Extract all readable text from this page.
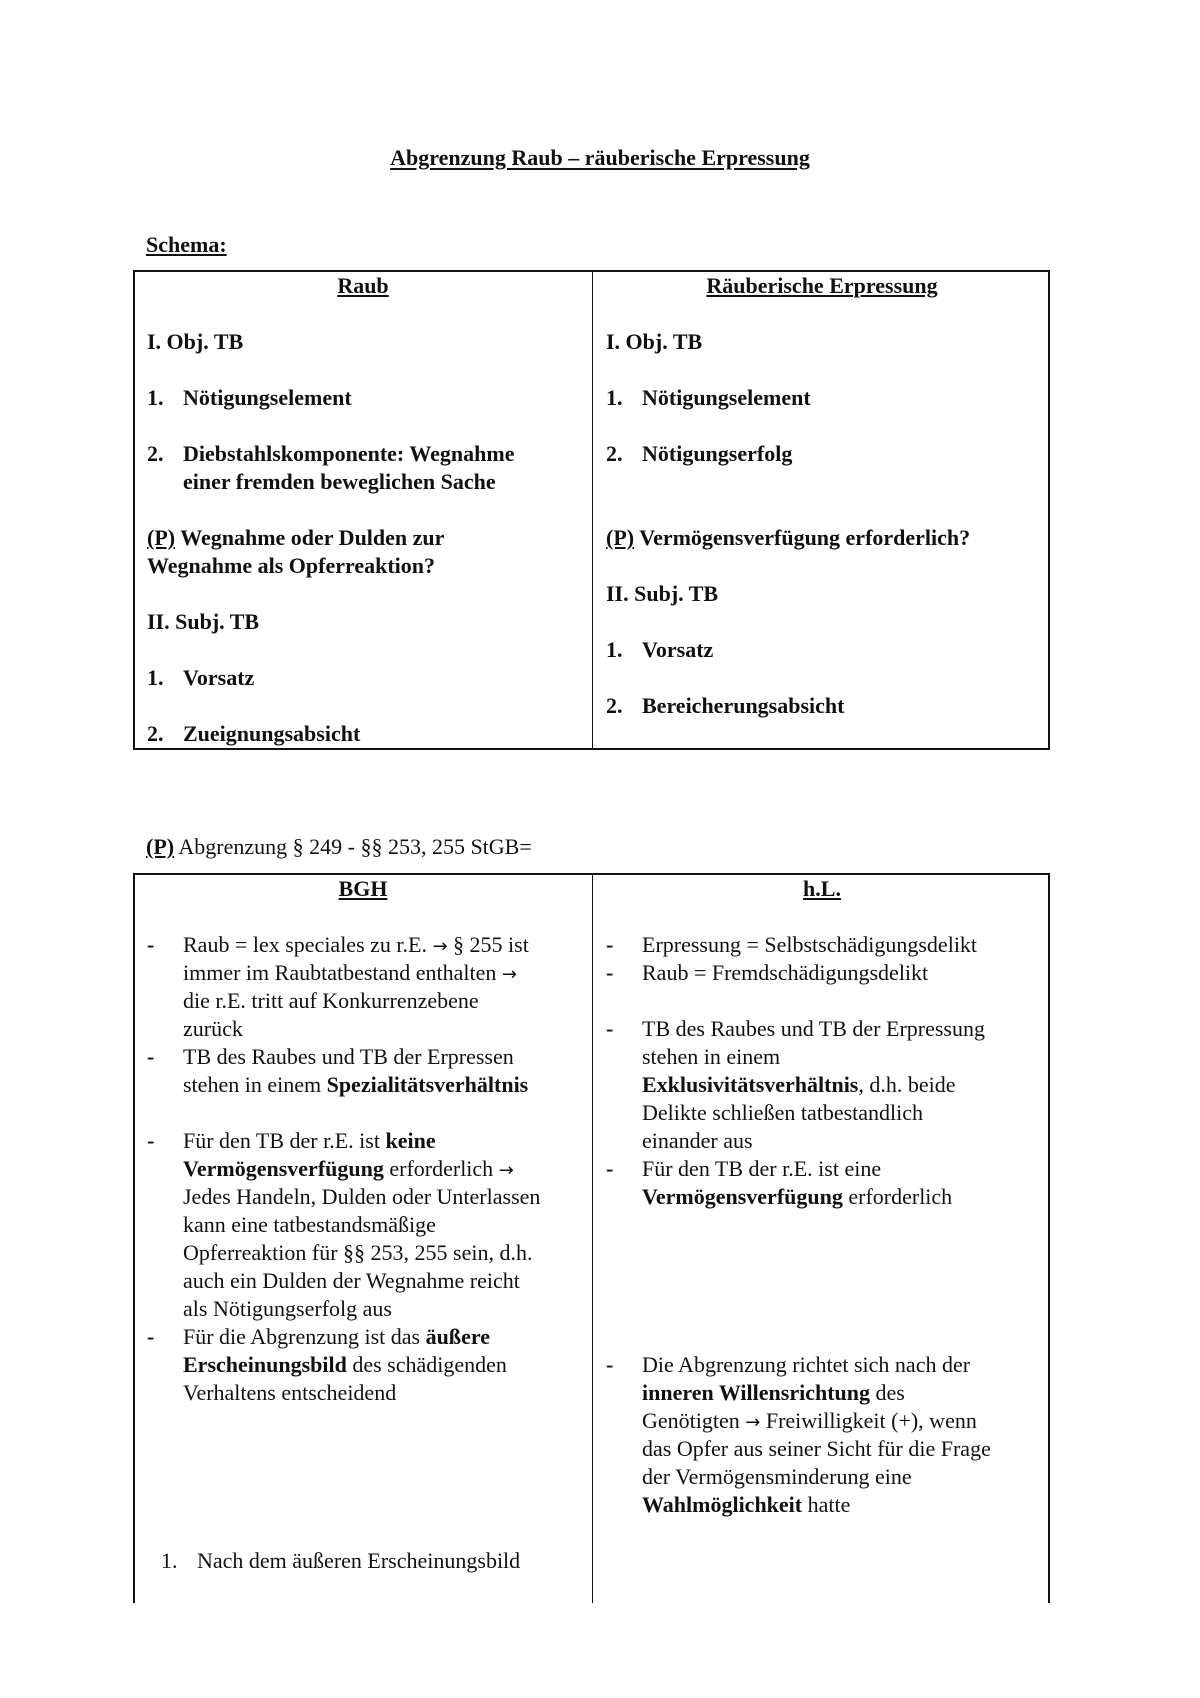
Abgrenzung Raub – räuberische Erpressung
Schema:
Raub
I. Obj. TB
1. Nötigungselement
2. Diebstahlskomponente: Wegnahme
einer fremden beweglichen Sache
(P) Wegnahme oder Dulden zur
Wegnahme als Opferreaktion?
II. Subj. TB
1. Vorsatz
2. Zueignungsabsicht
Räuberische Erpressung
I. Obj. TB
1. Nötigungselement
2. Nötigungserfolg
(P) Vermögensverfügung erforderlich?
II. Subj. TB
1. Vorsatz
2. Bereicherungsabsicht
(P) Abgrenzung § 249 - §§ 253, 255 StGB=
BGH
- Raub = lex speciales zu r.E. → § 255 ist
immer im Raubtatbestand enthalten →
die r.E. tritt auf Konkurrenzebene
zurück
- TB des Raubes und TB der Erpressen
stehen in einem Spezialitätsverhältnis
- Für den TB der r.E. ist keine
Vermögensverfügung erforderlich →
Jedes Handeln, Dulden oder Unterlassen
kann eine tatbestandsmäßige
Opferreaktion für §§ 253, 255 sein, d.h.
auch ein Dulden der Wegnahme reicht
als Nötigungserfolg aus
- Für die Abgrenzung ist das äußere
Erscheinungsbild des schädigenden
Verhaltens entscheidend
1. Nach dem äußeren Erscheinungsbild
h.L.
- Erpressung = Selbstschädigungsdelikt
- Raub = Fremdschädigungsdelikt
- TB des Raubes und TB der Erpressung
stehen in einem
Exklusivitätsverhältnis, d.h. beide
Delikte schließen tatbestandlich
einander aus
- Für den TB der r.E. ist eine
Vermögensverfügung erforderlich
- Die Abgrenzung richtet sich nach der
inneren Willensrichtung des
Genötigten → Freiwilligkeit (+), wenn
das Opfer aus seiner Sicht für die Frage
der Vermögensminderung eine
Wahlmöglichkeit hatte
